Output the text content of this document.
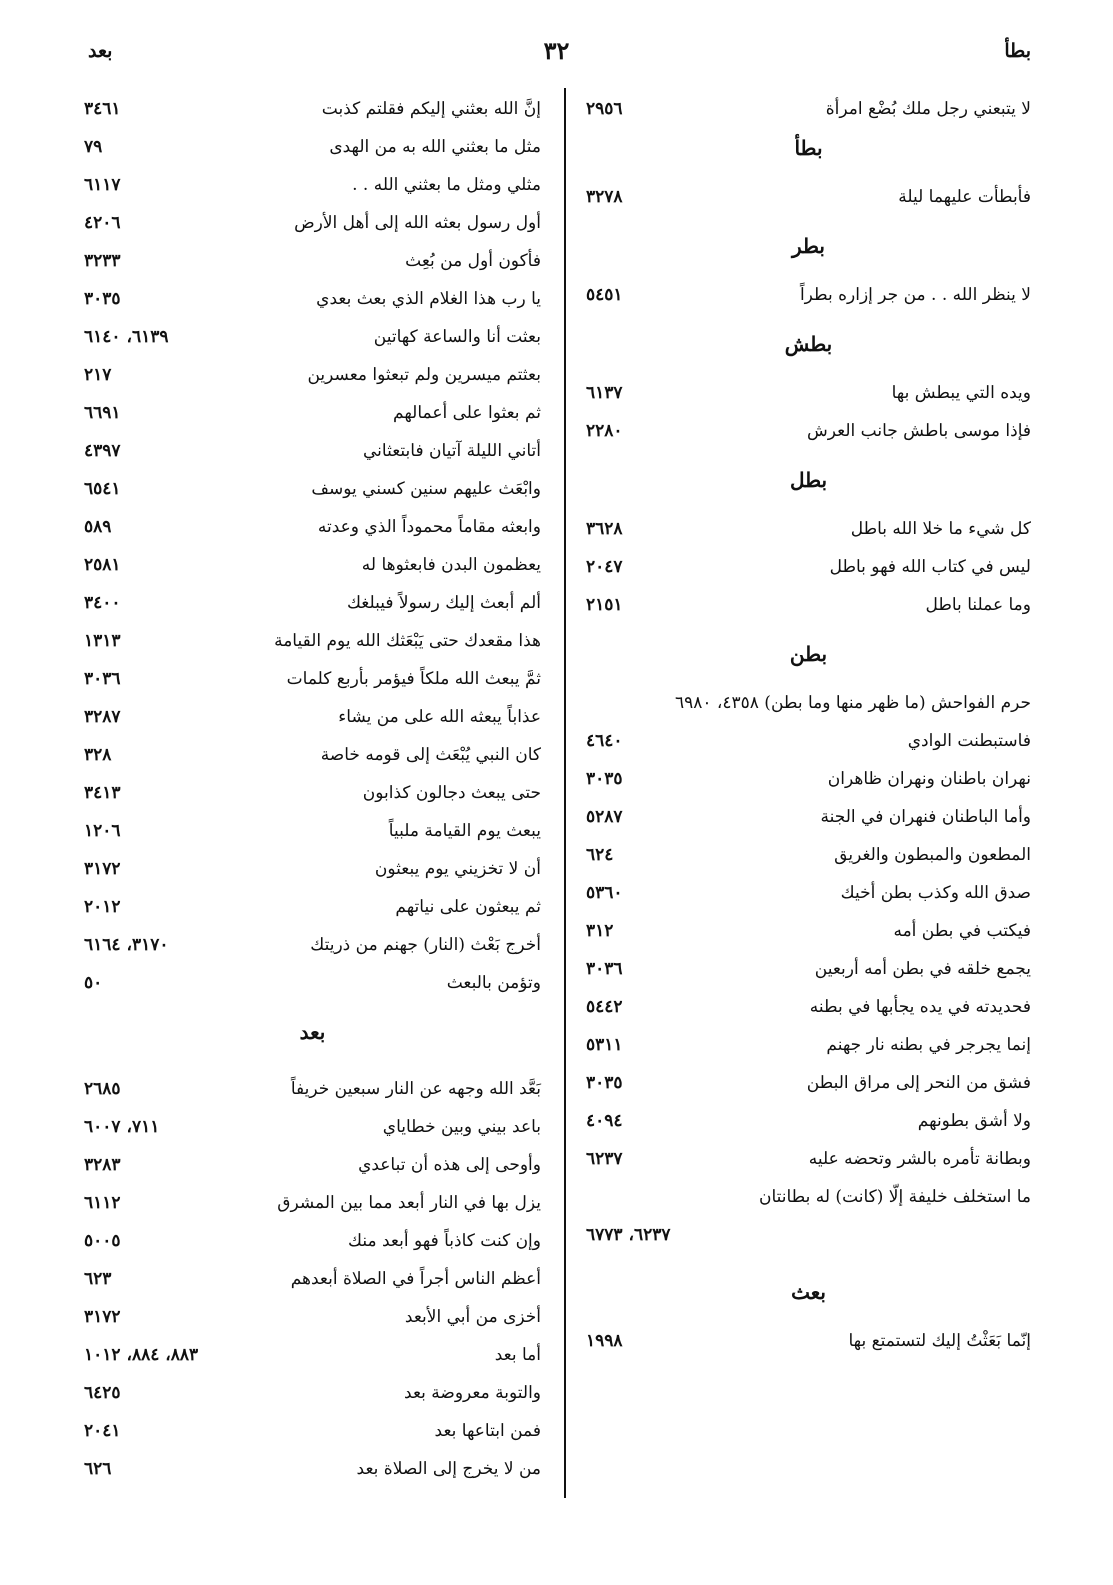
بطأ
٣٢
بعد
لا يتبعني رجل ملك بُضْع امرأة
٢٩٥٦
بطأ
فأبطأت عليهما ليلة
٣٢٧٨
بطر
لا ينظر الله . . من جر إزاره بطراً
٥٤٥١
بطش
ويده التي يبطش بها
٦١٣٧
فإذا موسى باطش جانب العرش
٢٢٨٠
بطل
كل شيء ما خلا الله باطل
٣٦٢٨
ليس في كتاب الله فهو باطل
٢٠٤٧
وما عملنا باطل
٢١٥١
بطن
حرم الفواحش (ما ظهر منها وما بطن) ٤٣٥٨، ٦٩٨٠
فاستبطنت الوادي
٤٦٤٠
نهران باطنان ونهران ظاهران
٣٠٣٥
وأما الباطنان فنهران في الجنة
٥٢٨٧
المطعون والمبطون والغريق
٦٢٤
صدق الله وكذب بطن أخيك
٥٣٦٠
فيكتب في بطن أمه
٣١٢
يجمع خلقه في بطن أمه أربعين
٣٠٣٦
فحديدته في يده يجأبها في بطنه
٥٤٤٢
إنما يجرجر في بطنه نار جهنم
٥٣١١
فشق من النحر إلى مراق البطن
٣٠٣٥
ولا أشق بطونهم
٤٠٩٤
وبطانة تأمره بالشر وتحضه عليه
٦٢٣٧
ما استخلف خليفة إلّا (كانت) له بطانتان
٦٢٣٧، ٦٧٧٣
بعث
إنّما بَعَثْتُ إليك لتستمتع بها
١٩٩٨
إنَّ الله بعثني إليكم فقلتم كذبت
٣٤٦١
مثل ما بعثني الله به من الهدى
٧٩
مثلي ومثل ما بعثني الله . .
٦١١٧
أول رسول بعثه الله إلى أهل الأرض
٤٢٠٦
فأكون أول من بُعِث
٣٢٣٣
يا رب هذا الغلام الذي بعث بعدي
٣٠٣٥
بعثت أنا والساعة كهاتين
٦١٣٩، ٦١٤٠
بعثتم ميسرين ولم تبعثوا معسرين
٢١٧
ثم بعثوا على أعمالهم
٦٦٩١
أتاني الليلة آتيان فابتعثاني
٤٣٩٧
وابْعَث عليهم سنين كسني يوسف
٦٥٤١
وابعثه مقاماً محموداً الذي وعدته
٥٨٩
يعظمون البدن فابعثوها له
٢٥٨١
ألم أبعث إليك رسولاً فيبلغك
٣٤٠٠
هذا مقعدك حتى يَبْعَثك الله يوم القيامة
١٣١٣
ثمَّ يبعث الله ملكاً فيؤمر بأربع كلمات
٣٠٣٦
عذاباً يبعثه الله على من يشاء
٣٢٨٧
كان النبي يُبْعَث إلى قومه خاصة
٣٢٨
حتى يبعث دجالون كذابون
٣٤١٣
يبعث يوم القيامة ملبياً
١٢٠٦
أن لا تخزيني يوم يبعثون
٣١٧٢
ثم يبعثون على نياتهم
٢٠١٢
أخرج بَعْث (النار) جهنم من ذريتك
٣١٧٠، ٦١٦٤
وتؤمن بالبعث
٥٠
بعد
بَعَّد الله وجهه عن النار سبعين خريفاً
٢٦٨٥
باعد بيني وبين خطاياي
٧١١، ٦٠٠٧
وأوحى إلى هذه أن تباعدي
٣٢٨٣
يزل بها في النار أبعد مما بين المشرق
٦١١٢
وإن كنت كاذباً فهو أبعد منك
٥٠٠٥
أعظم الناس أجراً في الصلاة أبعدهم
٦٢٣
أخزى من أبي الأبعد
٣١٧٢
أما بعد
٨٨٣، ٨٨٤، ١٠١٢
والتوبة معروضة بعد
٦٤٢٥
فمن ابتاعها بعد
٢٠٤١
من لا يخرج إلى الصلاة بعد
٦٢٦
